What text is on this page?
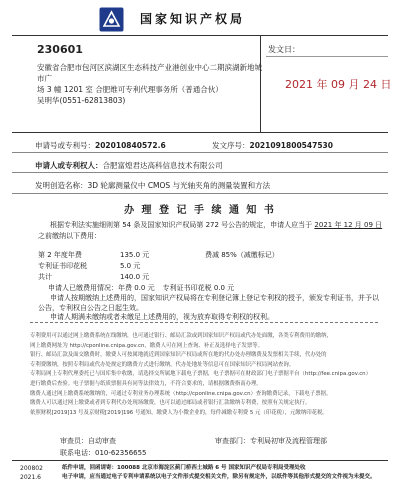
国家知识产权局
230601
安徽省合肥市包河区滨湖区生态科技产业港创业中心二期滨湖新地城市广
场 3 幢 1201 室 合肥维可专利代理事务所（普通合伙）
吴明华(0551-62813803)
发文日：
2021 年 09 月 24 日
申请号或专利号：202010840572.6	发文序号：2021091800547530
申请人或专利权人：合肥富煌君达高科信息技术有限公司
发明创造名称：3D 轮廓测量仪中 CMOS 与光轴夹角的测量装置和方法
办 理 登 记 手 续 通 知 书
根据专利法实施细则第 54 条及国家知识产权局第 272 号公告的规定，申请人应当于 2021 年 12 月 09 日 之前缴纳以下费用：
第 2 年度年费	135.0 元	费减 85%（减缴标记）
专利证书印花税	5.0 元
共计	140.0 元
申请人已缴费用情况：年费 0.0 元 专利证书印花税 0.0 元
申请人按期缴纳上述费用的，国家知识产权局将在专利登记簿上登记专利权的授予，颁发专利证书，并予以公告，专利权自公告之日起生效。
申请人期满未缴纳或者未缴足上述费用的，视为放弃取得专利权的权利。
专利费用可以通过网上缴费系统在线缴纳，也可通过银行、邮局汇款或到国家知识产权局或代办处面缴，各类专利费用的缴纳，
网上缴费网址为 http://cponline.cnipa.gov.cn，缴费人可在网上查询、补正及选择电子发票等。
银行、邮局汇款及面交缴费时，缴费人可按属地就近到国家知识产权局或所在地的代办处办理缴费及发票相关手续，代办处的
专利费缴纳，按照专利局或代办处规定的缴费方式进行缴纳，代办处地址等信息可在国家知识产权局网站查询。
专利局网上专利代理委托已与国库集中收缴，请选择交所属地下载电子票据，电子票据可在财政部门电子票据平台（http://fee.cnipa.gov.cn）
进行缴费后查验。电子票据与纸质票据具有同等法律效力，不符合要求的，请根据缴费指南办理。
缴费人通过网上缴费系统缴纳的，可通过专利业务办理系统（http://cponline.cnipa.gov.cn）查询缴费记录，下载电子票据。
缴费人可以通过网上缴费或者到专利代办处现场缴费，也可以通过邮局或者银行汇款缴纳专利费，按照有关规定执行。
依照财税[2019]13 号及京财税[2019]196 号通知，缴费人为小微企业的，每件减缴专利费 5 元（印花税），元缴纳印花税。
审查员：自动审查	审查部门：专利局初审及流程管理部
联系电话：010-62356655
200802
2021.6
纸件申请，回函请寄：100088 北京市海淀区蓟门桥西土城路 6 号 国家知识产权局专利局受理处收
电子申请，应当通过电子专利申请系统以电子文件形式提交相关文件，除另有规定外，以纸件等其他形式提交的文件视为未提交。
